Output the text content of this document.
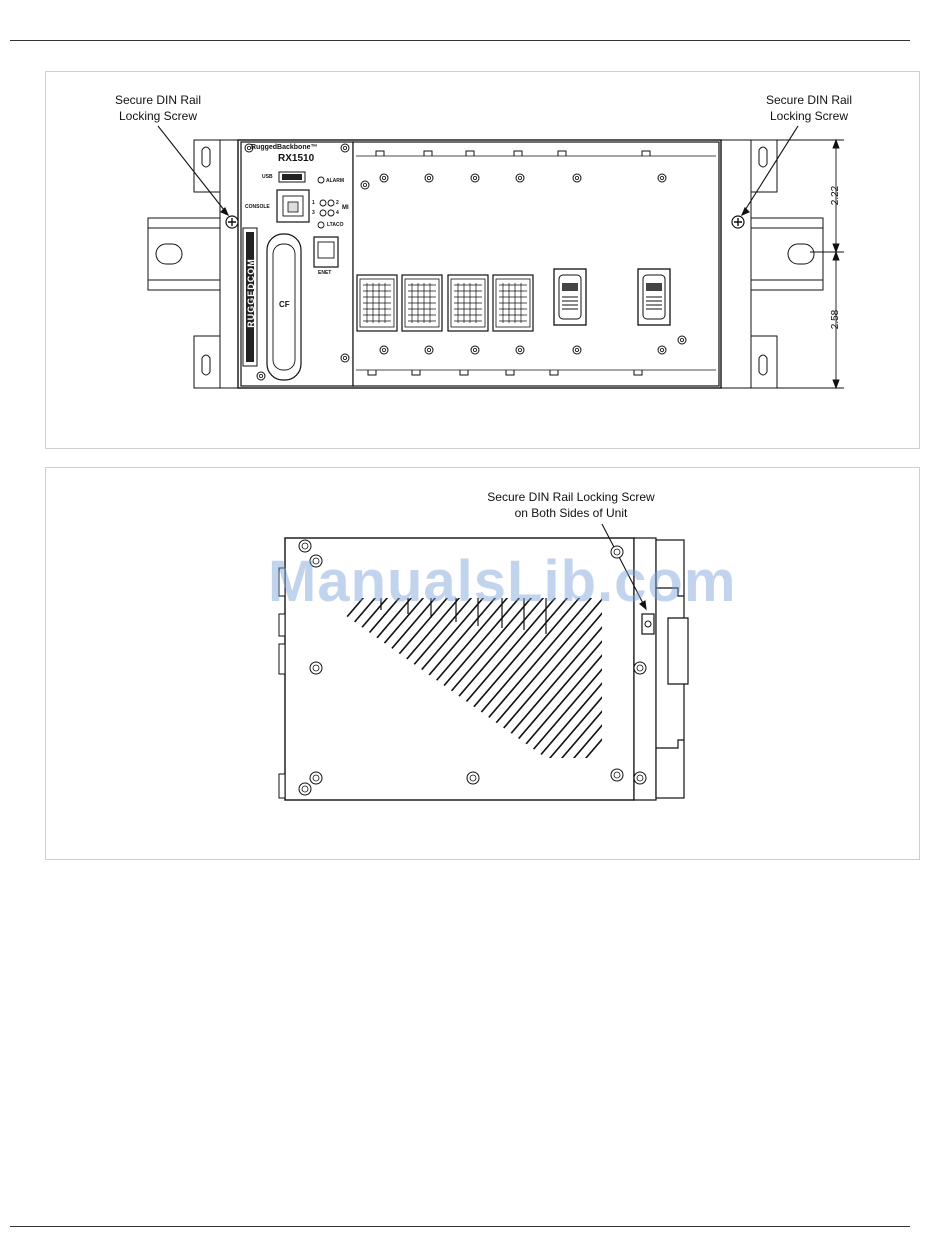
Secure DIN Rail
Locking Screw
Secure DIN Rail
Locking Screw
RuggedBackbone™
RX1510
USB
ALARM
CONSOLE
1	2
3	4
MI
LTACO
ENET
CF
RUGGEDCOM
2.22
2.58
Secure DIN Rail Locking Screw
on Both Sides of Unit
ManualsLib.com
